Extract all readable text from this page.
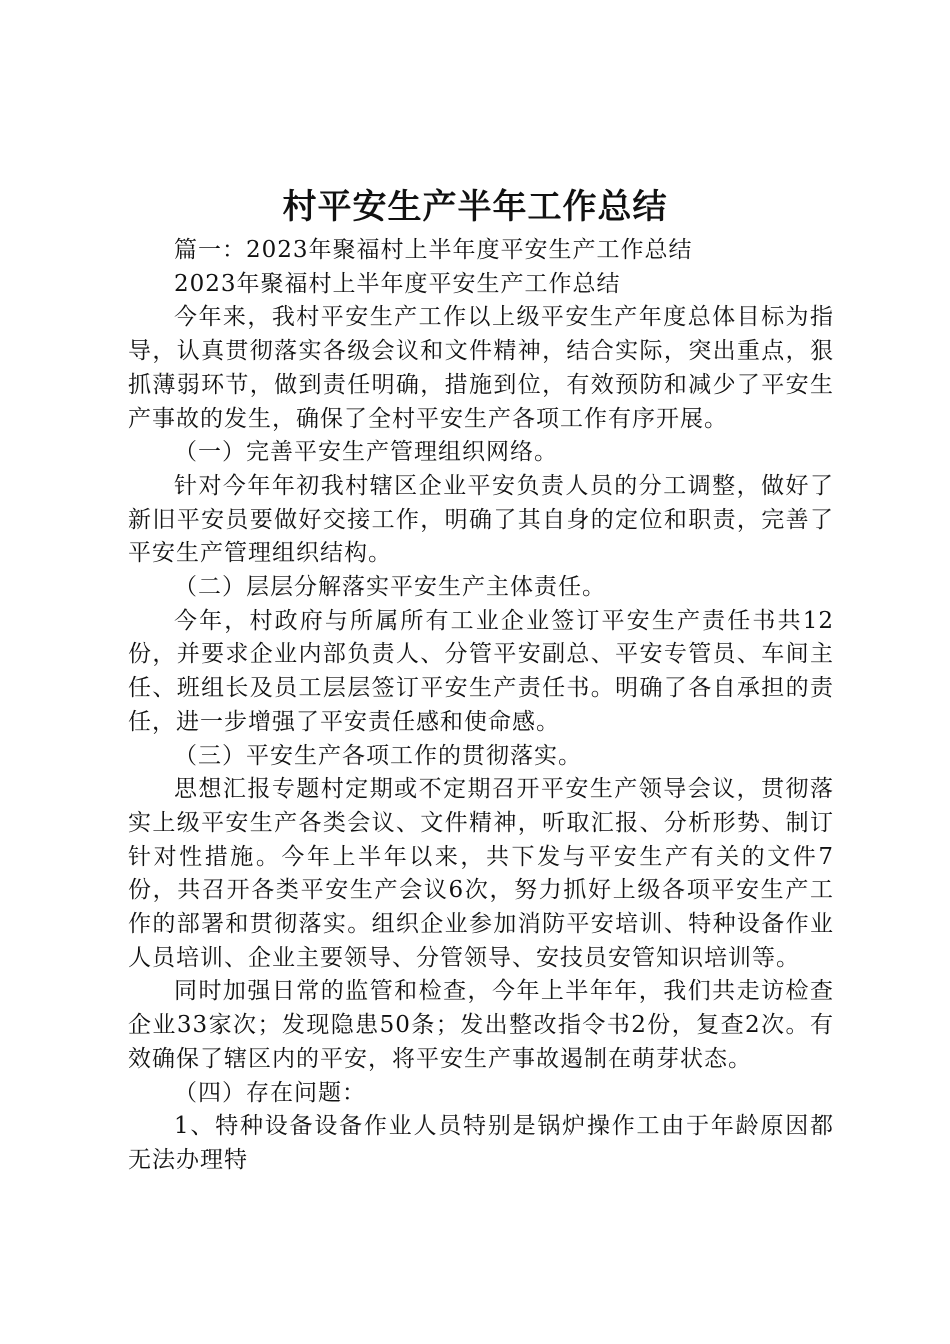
村平安生产半年工作总结

篇一：2023年聚福村上半年度平安生产工作总结

2023年聚福村上半年度平安生产工作总结

今年来，我村平安生产工作以上级平安生产年度总体目标为指导，认真贯彻落实各级会议和文件精神，结合实际，突出重点，狠抓薄弱环节，做到责任明确，措施到位，有效预防和减少了平安生产事故的发生，确保了全村平安生产各项工作有序开展。

（一）完善平安生产管理组织网络。

针对今年年初我村辖区企业平安负责人员的分工调整，做好了新旧平安员要做好交接工作，明确了其自身的定位和职责，完善了平安生产管理组织结构。

（二）层层分解落实平安生产主体责任。

今年，村政府与所属所有工业企业签订平安生产责任书共12份，并要求企业内部负责人、分管平安副总、平安专管员、车间主任、班组长及员工层层签订平安生产责任书。明确了各自承担的责任，进一步增强了平安责任感和使命感。

（三）平安生产各项工作的贯彻落实。

思想汇报专题村定期或不定期召开平安生产领导会议，贯彻落实上级平安生产各类会议、文件精神，听取汇报、分析形势、制订针对性措施。今年上半年以来，共下发与平安生产有关的文件7份，共召开各类平安生产会议6次，努力抓好上级各项平安生产工作的部署和贯彻落实。组织企业参加消防平安培训、特种设备作业人员培训、企业主要领导、分管领导、安技员安管知识培训等。

同时加强日常的监管和检查，今年上半年年，我们共走访检查企业33家次；发现隐患50条；发出整改指令书2份，复查2次。有效确保了辖区内的平安，将平安生产事故遏制在萌芽状态。

（四）存在问题：

1、特种设备设备作业人员特别是锅炉操作工由于年龄原因都无法办理特
